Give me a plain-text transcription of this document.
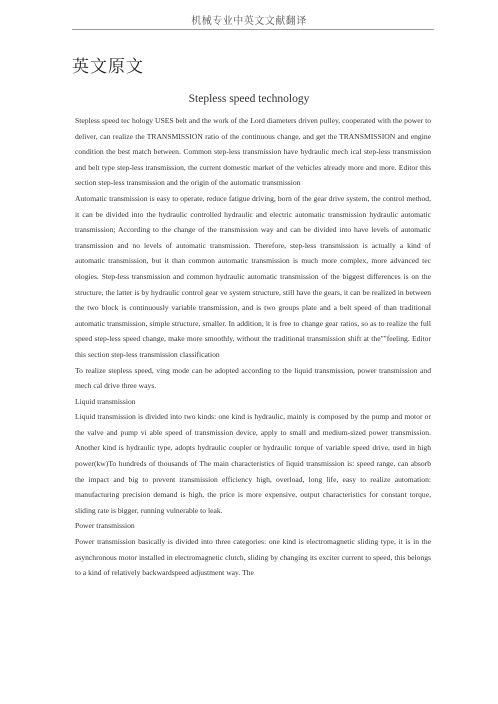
机械专业中英文文献翻译
英文原文
Stepless speed technology

Stepless speed tec hology USES belt and the work of the Lord diameters driven pulley, cooperated with the power to deliver, can realize the TRANSMISSION ratio of the continuous change, and get the TRANSMISSION and engine condition the best match between. Common step-less transmission have hydraulic mech ical step-less transmission and belt type step-less transmission, the current domestic market of the vehicles already more and more. Editor this section step-less transmission and the origin of the automatic transmission

Automatic transmission is easy to operate, reduce fatigue driving, born of the gear drive system, the control method, it can be divided into the hydraulic controlled hydraulic and electric automatic transmission hydraulic automatic transmission; According to the change of the transmission way and can be divided into have levels of automatic transmission and no levels of automatic transmission. Therefore, step-less transmission is actually a kind of automatic transmission, but it than common automatic transmission is much more complex, more advanced tec ologies. Step-less transmission and common hydraulic automatic transmission of the biggest differences is on the structure, the latter is by hydraulic control gear ve system structure, still have the gears, it can be realized in between the two block is continuously variable transmission, and is two groups plate and a belt speed of than traditional automatic transmission, simple structure, smaller. In addition, it is free to change gear ratios, so as to realize the full speed step-less speed change, make more smoothly, without the traditional transmission shift at the""feeling. Editor this section step-less transmission classification

To realize stepless speed, ving mode can be adopted according to the liquid transmission, power transmission and mech cal drive three ways.

Liquid transmission

Liquid transmission is divided into two kinds: one kind is hydraulic, mainly is composed by the pump and motor or the valve and pump vi able speed of transmission device, apply to small and medium-sized power transmission. Another kind is hydraulic type, adopts hydraulic coupler or hydraulic torque of variable speed drive, used in high power(kw)To hundreds of thousands of The main characteristics of liquid transmission is: speed range, can absorb the impact and big to prevent transmission efficiency high, overload, long life, easy to realize automation: manufacturing precision demand is high, the price is more expensive, output characteristics for constant torque, sliding rate is bigger, running vulnerable to leak.

Power transmission

Power transmission basically is divided into three categories: one kind is electromagnetic sliding type, it is in the asynchronous motor installed in electromagnetic clutch, sliding by changing its exciter current to speed, this belongs to a kind of relatively backwardspeed adjustment way. The
